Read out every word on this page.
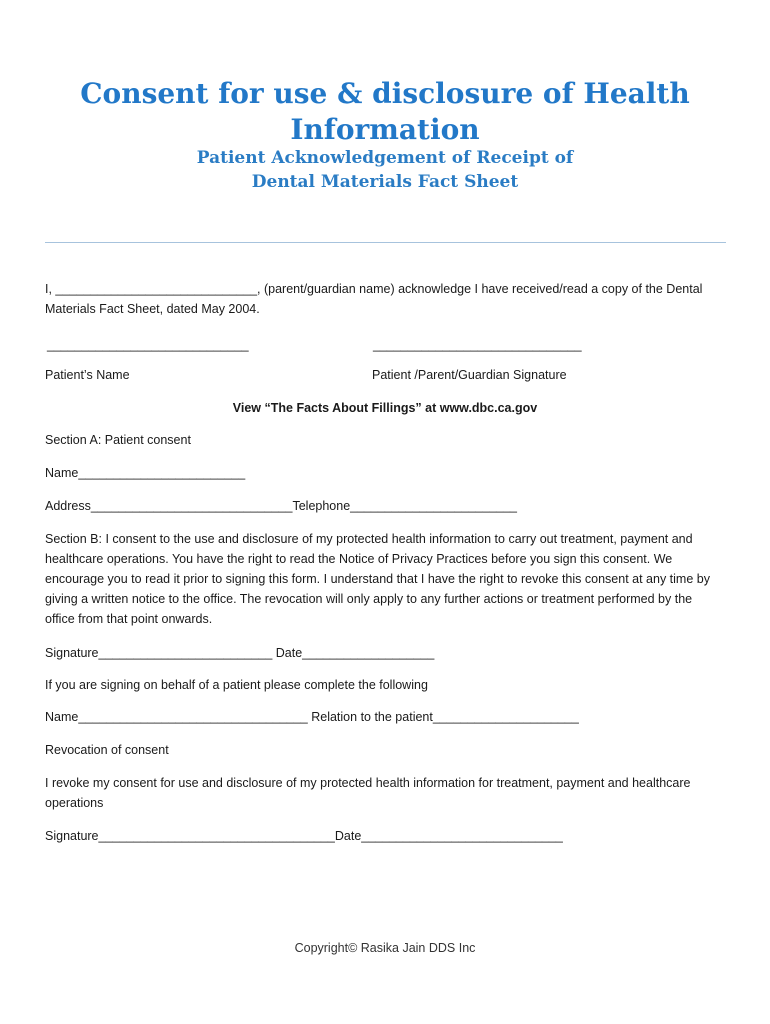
Consent for use & disclosure of Health Information
Patient Acknowledgement of Receipt of
Dental Materials Fact Sheet
I, _____________________________, (parent/guardian name) acknowledge I have received/read a copy of the Dental
Materials Fact Sheet, dated May 2004.
_____________________________	______________________________
Patient’s Name	Patient /Parent/Guardian Signature
View “The Facts About Fillings” at www.dbc.ca.gov
Section A: Patient consent
Name________________________
Address_____________________________Telephone________________________
Section B: I consent to the use and disclosure of my protected health information to carry out treatment, payment and healthcare operations. You have the right to read the Notice of Privacy Practices before you sign this consent. We encourage you to read it prior to signing this form. I understand that I have the right to revoke this consent at any time by giving a written notice to the office. The revocation will only apply to any further actions or treatment performed by the office from that point onwards.
Signature_________________________ Date___________________
If you are signing on behalf of a patient please complete the following
Name_________________________________ Relation to the patient_____________________
Revocation of consent
I revoke my consent for use and disclosure of my protected health information for treatment, payment and healthcare operations
Signature__________________________________Date_____________________________
Copyright© Rasika Jain DDS Inc
